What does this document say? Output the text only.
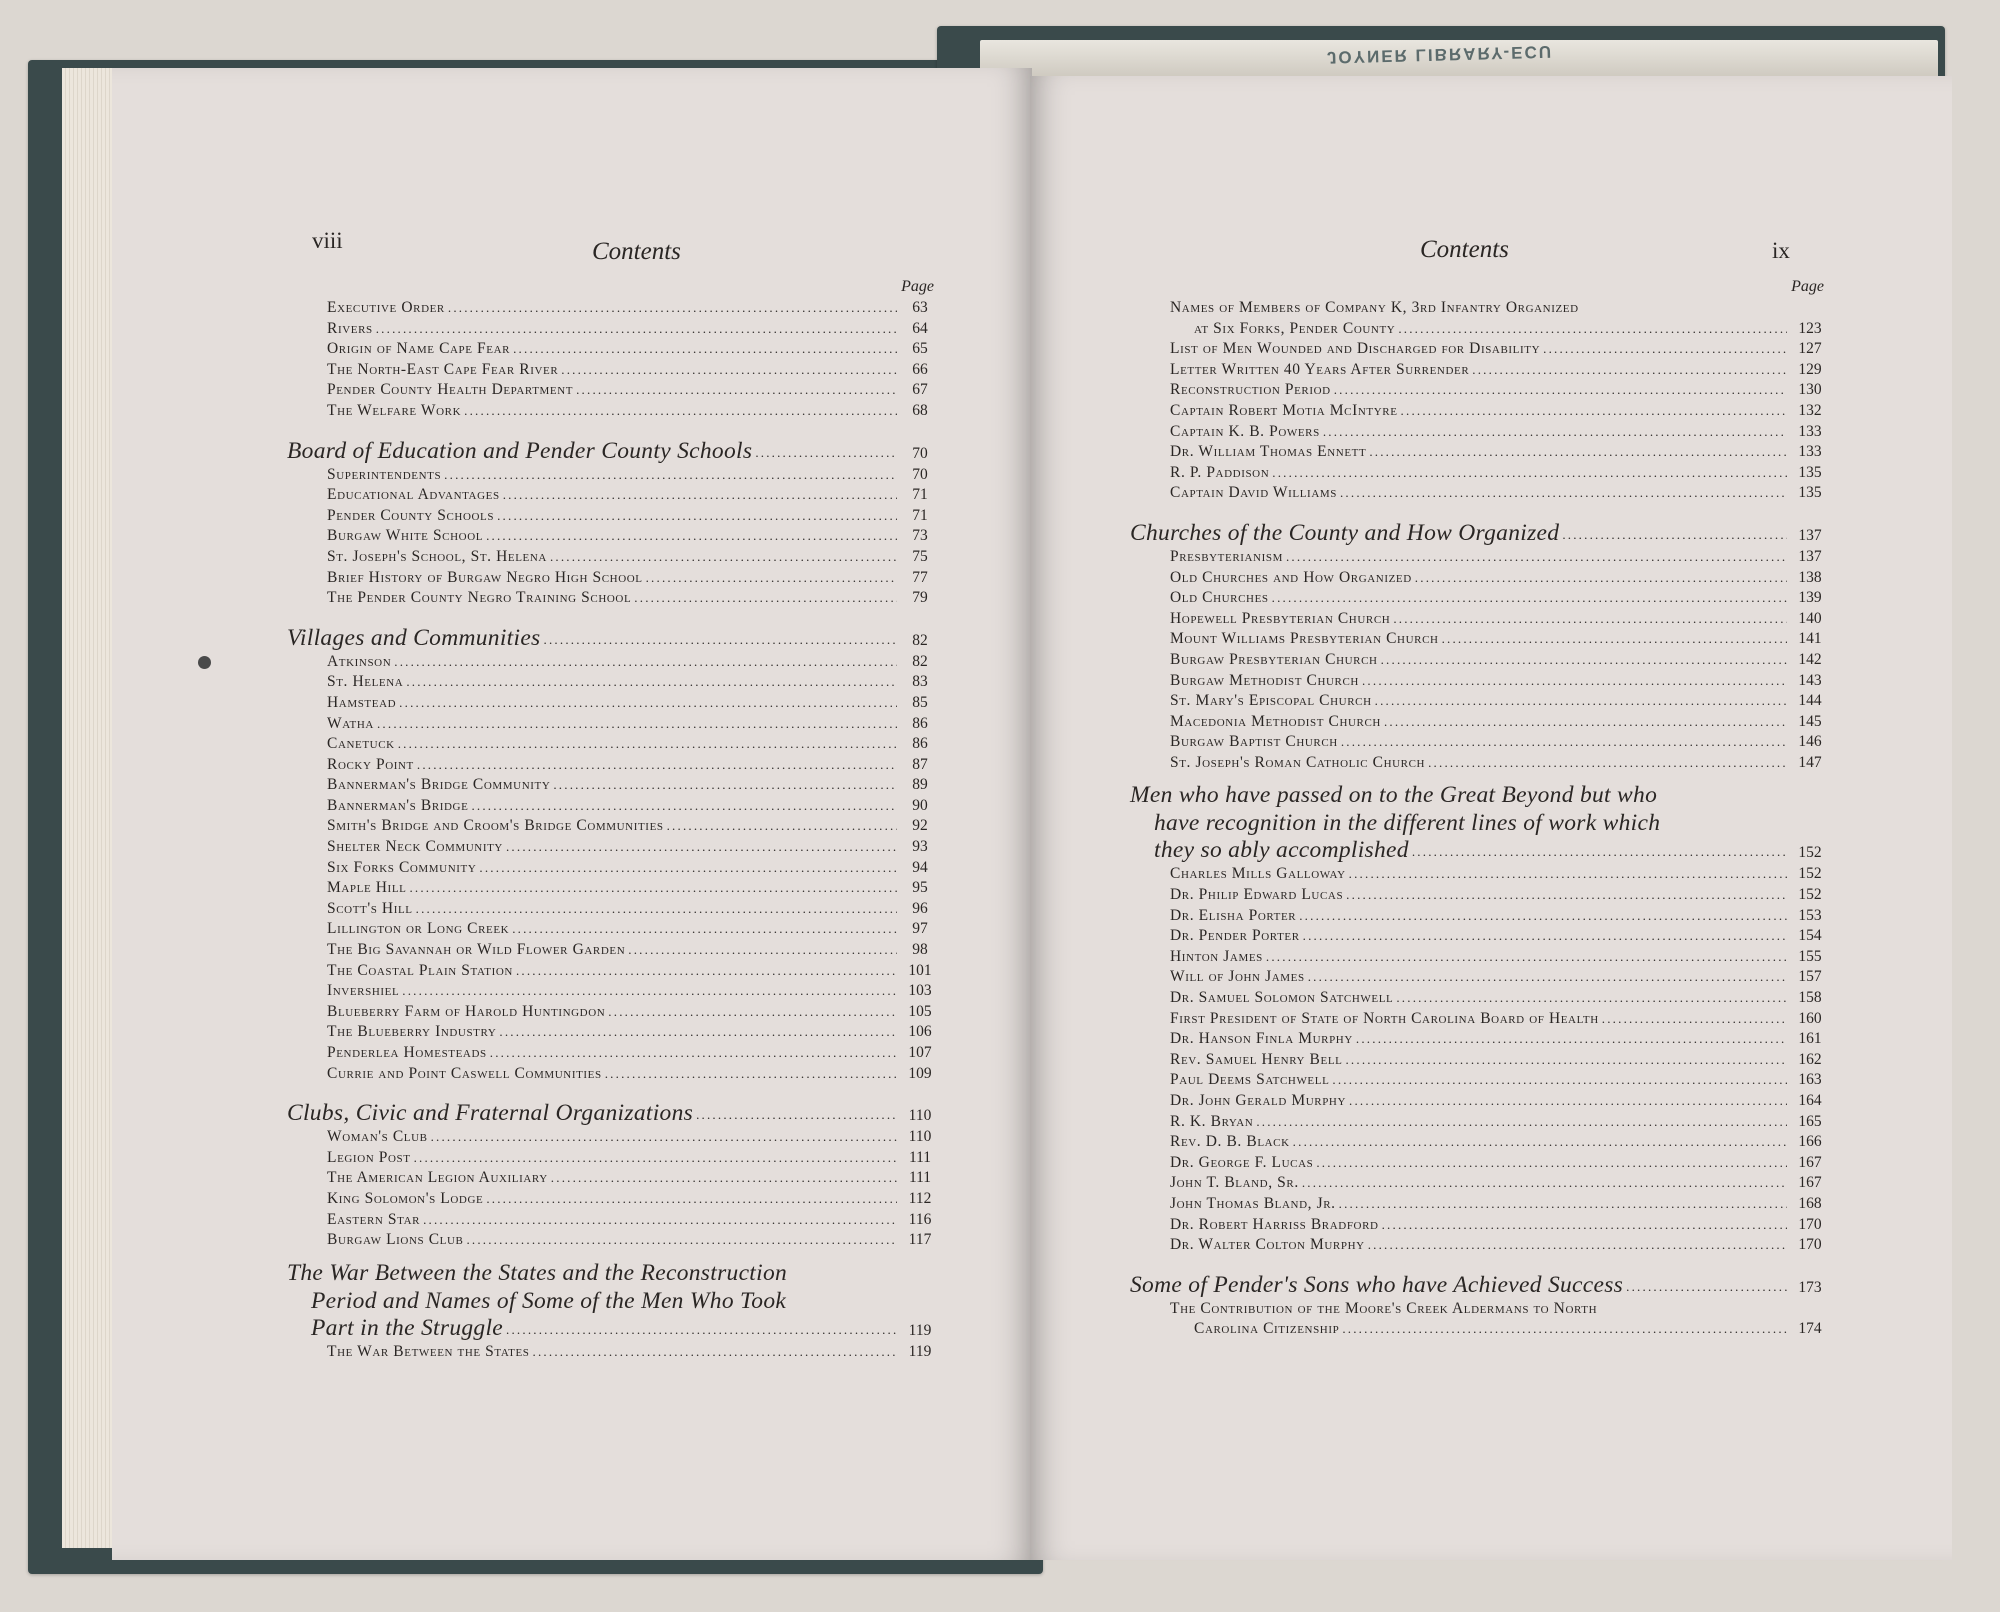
JOYNER LIBRARY-ECU
viii	Contents
Page
Executive Order .....	63
Rivers .....	64
Origin of Name Cape Fear .....	65
The North-East Cape Fear River .....	66
Pender County Health Department .....	67
The Welfare Work .....	68
Board of Education and Pender County Schools .....	70
Superintendents .....	70
Educational Advantages .....	71
Pender County Schools .....	71
Burgaw White School .....	73
St. Joseph's School, St. Helena .....	75
Brief History of Burgaw Negro High School .....	77
The Pender County Negro Training School .....	79
Villages and Communities .....	82
Atkinson .....	82
St. Helena .....	83
Hamstead .....	85
Watha .....	86
Canetuck .....	86
Rocky Point .....	87
Bannerman's Bridge Community .....	89
Bannerman's Bridge .....	90
Smith's Bridge and Croom's Bridge Communities .....	92
Shelter Neck Community .....	93
Six Forks Community .....	94
Maple Hill .....	95
Scott's Hill .....	96
Lillington or Long Creek .....	97
The Big Savannah or Wild Flower Garden .....	98
The Coastal Plain Station .....	101
Invershiel .....	103
Blueberry Farm of Harold Huntingdon .....	105
The Blueberry Industry .....	106
Penderlea Homesteads .....	107
Currie and Point Caswell Communities .....	109
Clubs, Civic and Fraternal Organizations .....	110
Woman's Club .....	110
Legion Post .....	111
The American Legion Auxiliary .....	111
King Solomon's Lodge .....	112
Eastern Star .....	116
Burgaw Lions Club .....	117
The War Between the States and the Reconstruction
Period and Names of Some of the Men Who Took
Part in the Struggle .....	119
The War Between the States .....	119
Contents	ix
Page
Names of Members of Company K, 3rd Infantry Organized
at Six Forks, Pender County .....	123
List of Men Wounded and Discharged for Disability .....	127
Letter Written 40 Years After Surrender .....	129
Reconstruction Period .....	130
Captain Robert Motia McIntyre .....	132
Captain K. B. Powers .....	133
Dr. William Thomas Ennett .....	133
R. P. Paddison .....	135
Captain David Williams .....	135
Churches of the County and How Organized .....	137
Presbyterianism .....	137
Old Churches and How Organized .....	138
Old Churches .....	139
Hopewell Presbyterian Church .....	140
Mount Williams Presbyterian Church .....	141
Burgaw Presbyterian Church .....	142
Burgaw Methodist Church .....	143
St. Mary's Episcopal Church .....	144
Macedonia Methodist Church .....	145
Burgaw Baptist Church .....	146
St. Joseph's Roman Catholic Church .....	147
Men who have passed on to the Great Beyond but who
have recognition in the different lines of work which
they so ably accomplished .....	152
Charles Mills Galloway .....	152
Dr. Philip Edward Lucas .....	152
Dr. Elisha Porter .....	153
Dr. Pender Porter .....	154
Hinton James .....	155
Will of John James .....	157
Dr. Samuel Solomon Satchwell .....	158
First President of State of North Carolina Board of Health .....	160
Dr. Hanson Finla Murphy .....	161
Rev. Samuel Henry Bell .....	162
Paul Deems Satchwell .....	163
Dr. John Gerald Murphy .....	164
R. K. Bryan .....	165
Rev. D. B. Black .....	166
Dr. George F. Lucas .....	167
John T. Bland, Sr. .....	167
John Thomas Bland, Jr. .....	168
Dr. Robert Harriss Bradford .....	170
Dr. Walter Colton Murphy .....	170
Some of Pender's Sons who have Achieved Success .....	173
The Contribution of the Moore's Creek Aldermans to North
Carolina Citizenship .....	174
